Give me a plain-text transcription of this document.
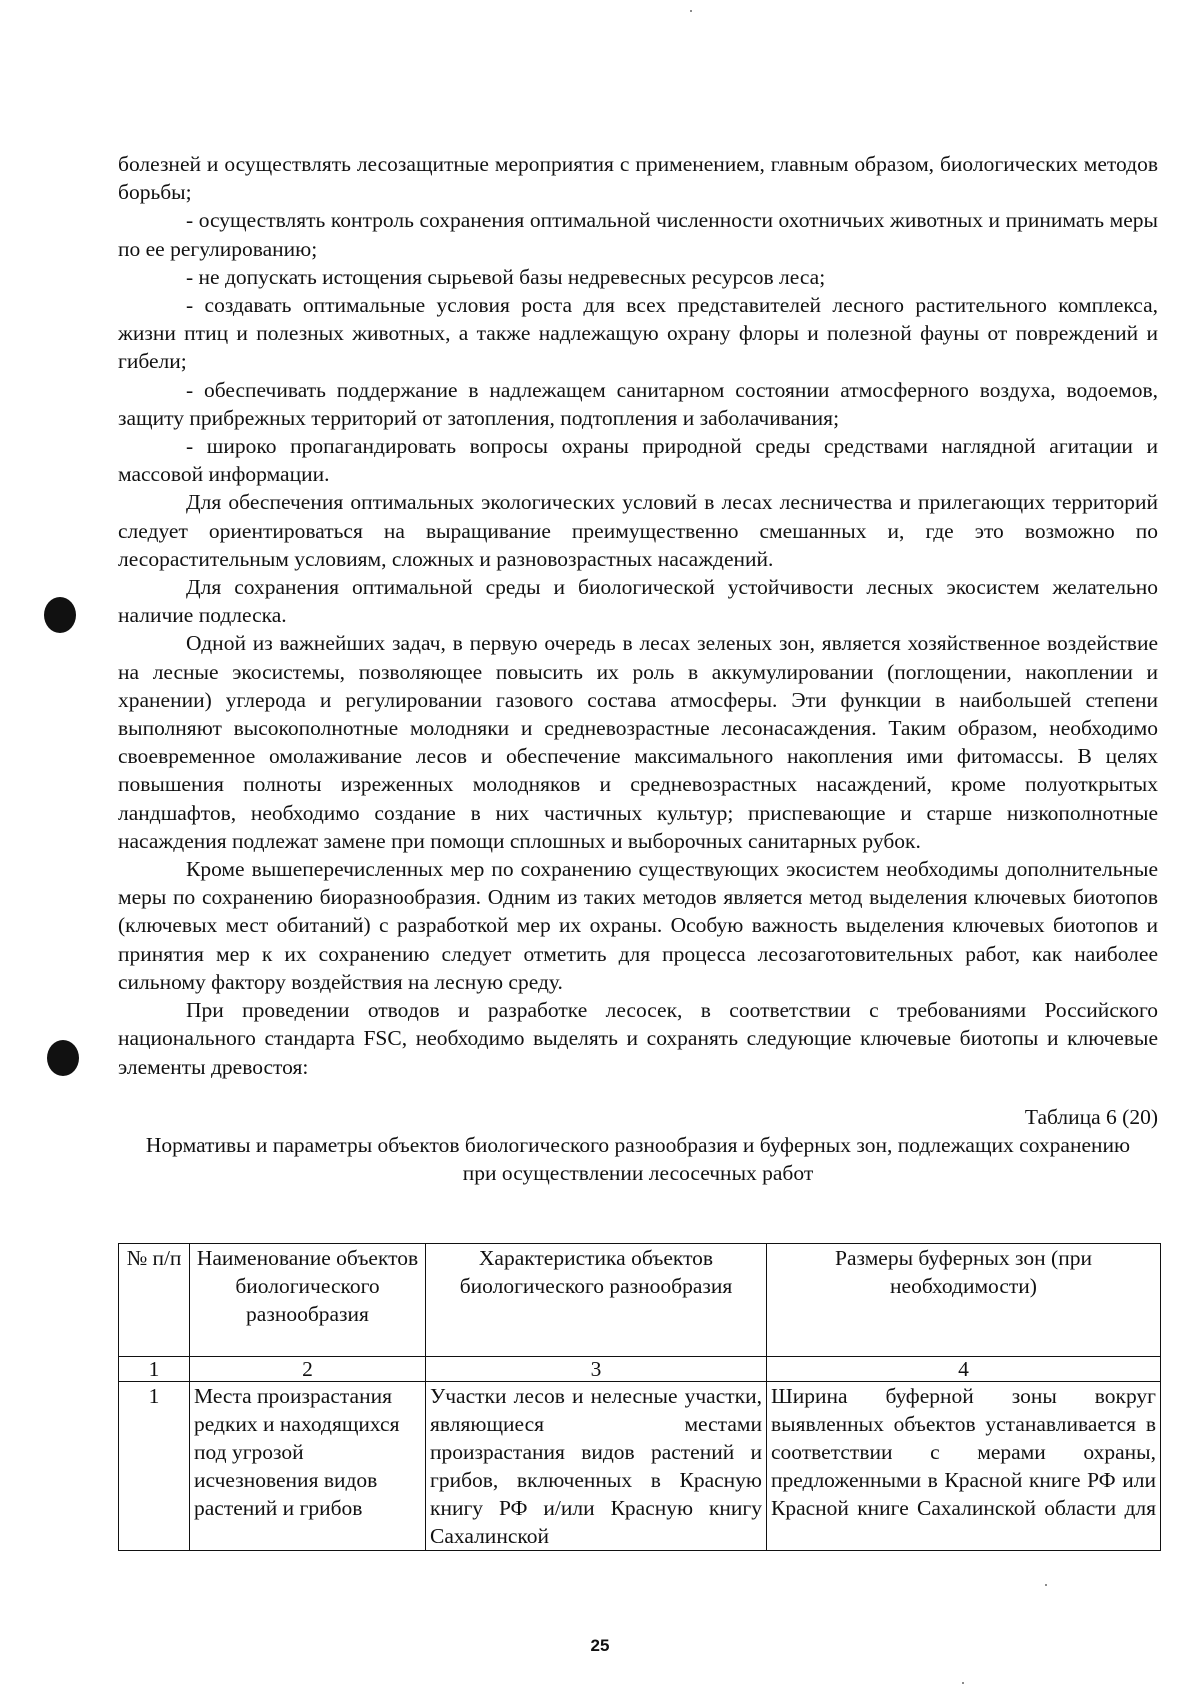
болезней и осуществлять лесозащитные мероприятия с применением, главным образом, биологических методов борьбы;

- осуществлять контроль сохранения оптимальной численности охотничьих животных и принимать меры по ее регулированию;

- не допускать истощения сырьевой базы недревесных ресурсов леса;

- создавать оптимальные условия роста для всех представителей лесного растительного комплекса, жизни птиц и полезных животных, а также надлежащую охрану флоры и полезной фауны от повреждений и гибели;

- обеспечивать поддержание в надлежащем санитарном состоянии атмосферного воздуха, водоемов, защиту прибрежных территорий от затопления, подтопления и заболачивания;

- широко пропагандировать вопросы охраны природной среды средствами наглядной агитации и массовой информации.

Для обеспечения оптимальных экологических условий в лесах лесничества и прилегающих территорий следует ориентироваться на выращивание преимущественно смешанных и, где это возможно по лесорастительным условиям, сложных и разновозрастных насаждений.

Для сохранения оптимальной среды и биологической устойчивости лесных экосистем желательно наличие подлеска.

Одной из важнейших задач, в первую очередь в лесах зеленых зон, является хозяйственное воздействие на лесные экосистемы, позволяющее повысить их роль в аккумулировании (поглощении, накоплении и хранении) углерода и регулировании газового состава атмосферы. Эти функции в наибольшей степени выполняют высокополнотные молодняки и средневозрастные лесонасаждения. Таким образом, необходимо своевременное омолаживание лесов и обеспечение максимального накопления ими фитомассы. В целях повышения полноты изреженных молодняков и средневозрастных насаждений, кроме полуоткрытых ландшафтов, необходимо создание в них частичных культур; приспевающие и старше низкополнотные насаждения подлежат замене при помощи сплошных и выборочных санитарных рубок.

Кроме вышеперечисленных мер по сохранению существующих экосистем необходимы дополнительные меры по сохранению биоразнообразия. Одним из таких методов является метод выделения ключевых биотопов (ключевых мест обитаний) с разработкой мер их охраны. Особую важность выделения ключевых биотопов и принятия мер к их сохранению следует отметить для процесса лесозаготовительных работ, как наиболее сильному фактору воздействия на лесную среду.

При проведении отводов и разработке лесосек, в соответствии с требованиями Российского национального стандарта FSC, необходимо выделять и сохранять следующие ключевые биотопы и ключевые элементы древостоя:

Таблица 6 (20)

Нормативы и параметры объектов биологического разнообразия и буферных зон, подлежащих сохранению при осуществлении лесосечных работ

№ п/п	Наименование объектов биологического разнообразия	Характеристика объектов биологического разнообразия	Размеры буферных зон (при необходимости)
1	2	3	4
1	Места произрастания редких и находящихся под угрозой исчезновения видов растений и грибов	Участки лесов и нелесные участки, являющиеся местами произрастания видов растений и грибов, включенных в Красную книгу РФ и/или Красную книгу Сахалинской	Ширина буферной зоны вокруг выявленных объектов устанавливается в соответствии с мерами охраны, предложенными в Красной книге РФ или Красной книге Сахалинской области для
25
